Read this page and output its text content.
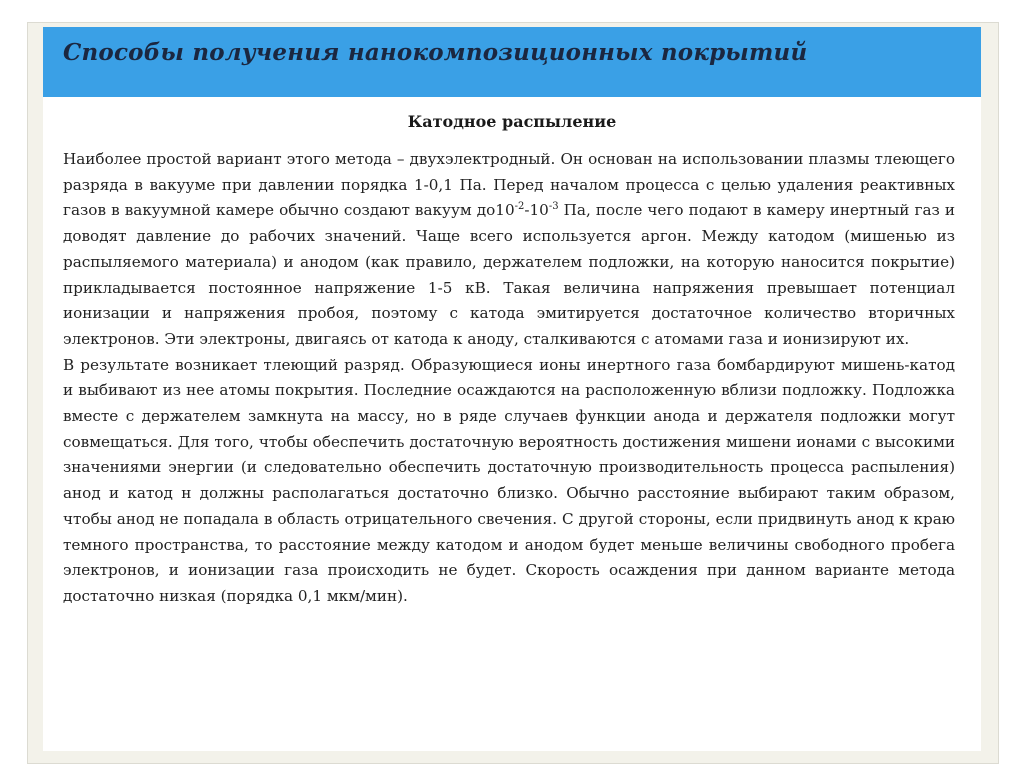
Способы получения нанокомпозиционных покрытий
Катодное распыление

Наиболее простой вариант этого метода – двухэлектродный. Он основан на использовании плазмы тлеющего разряда в вакууме при давлении порядка 1-0,1 Па. Перед началом процесса с целью удаления реактивных газов в вакуумной камере обычно создают вакуум $до10^{-2}-10^{-3}$ Па, после чего подают в камеру инертный газ и доводят давление до рабочих значений. Чаще всего используется аргон. Между катодом (мишенью из распыляемого материала) и анодом (как правило, держателем подложки, на которую наносится покрытие) прикладывается постоянное напряжение 1-5 кВ. Такая величина напряжения превышает потенциал ионизации и напряжения пробоя, поэтому с катода эмитируется достаточное количество вторичных электронов. Эти электроны, двигаясь от катода к аноду, сталкиваются с атомами газа и ионизируют их.

В результате возникает тлеющий разряд. Образующиеся ионы инертного газа бомбардируют мишень-катод и выбивают из нее атомы покрытия. Последние осаждаются на расположенную вблизи подложку. Подложка вместе с держателем замкнута на массу, но в ряде случаев функции анода и держателя подложки могут совмещаться. Для того, чтобы обеспечить достаточную вероятность достижения мишени ионами с высокими значениями энергии (и следовательно обеспечить достаточную производительность процесса распыления) анод и катод н должны располагаться достаточно близко. Обычно расстояние выбирают таким образом, чтобы анод не попадала в область отрицательного свечения. С другой стороны, если придвинуть анод к краю темного пространства, то расстояние между катодом и анодом будет меньше величины свободного пробега электронов, и ионизации газа происходить не будет. Скорость осаждения при данном варианте метода достаточно низкая (порядка 0,1 мкм/мин).
